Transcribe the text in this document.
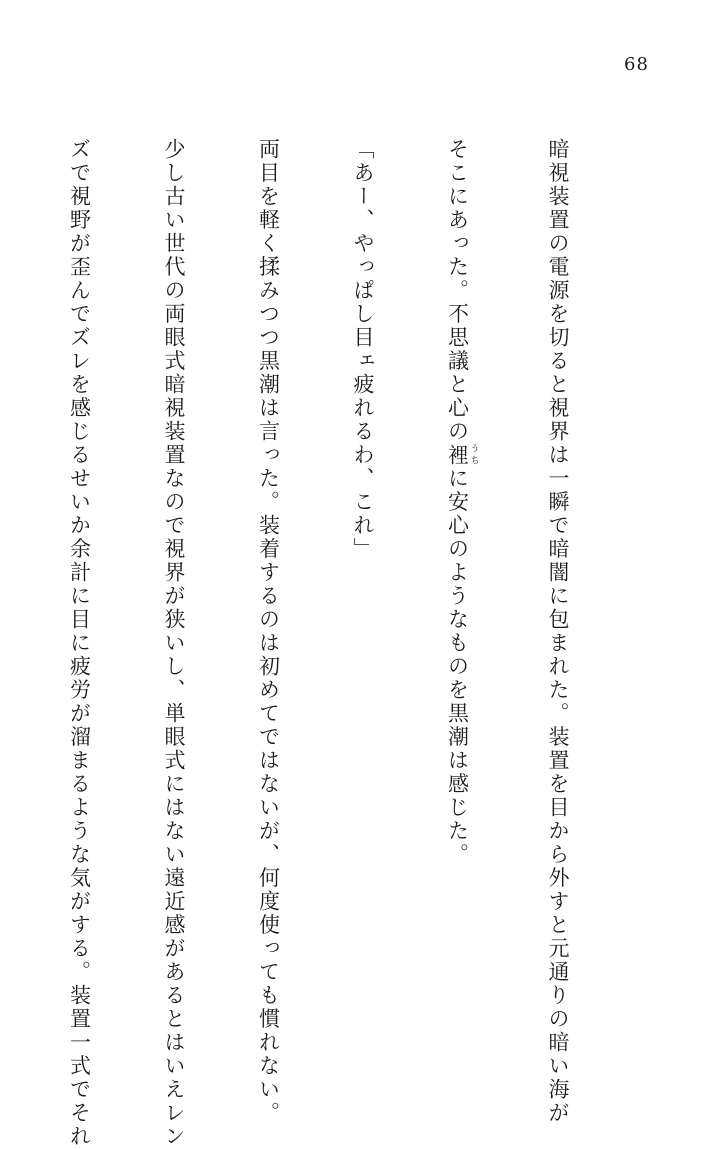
68

暗視装置の電源を切ると視界は一瞬で暗闇に包まれた。装置を目から外すと元通りの暗い海が

そこにあった。不思議と心の裡 うちに安心のようなものを黒潮は感じた。

「あー、やっぱし目ェ疲れるわ、これ」

両目を軽く揉みつつ黒潮は言った。装着するのは初めてではないが、何度使っても慣れない。

少し古い世代の両眼式暗視装置なので視界が狭いし、単眼式にはない遠近感があるとはいえレン

ズで視野が歪んでズレを感じるせいか余計に目に疲労が溜まるような気がする。装置一式でそれ
